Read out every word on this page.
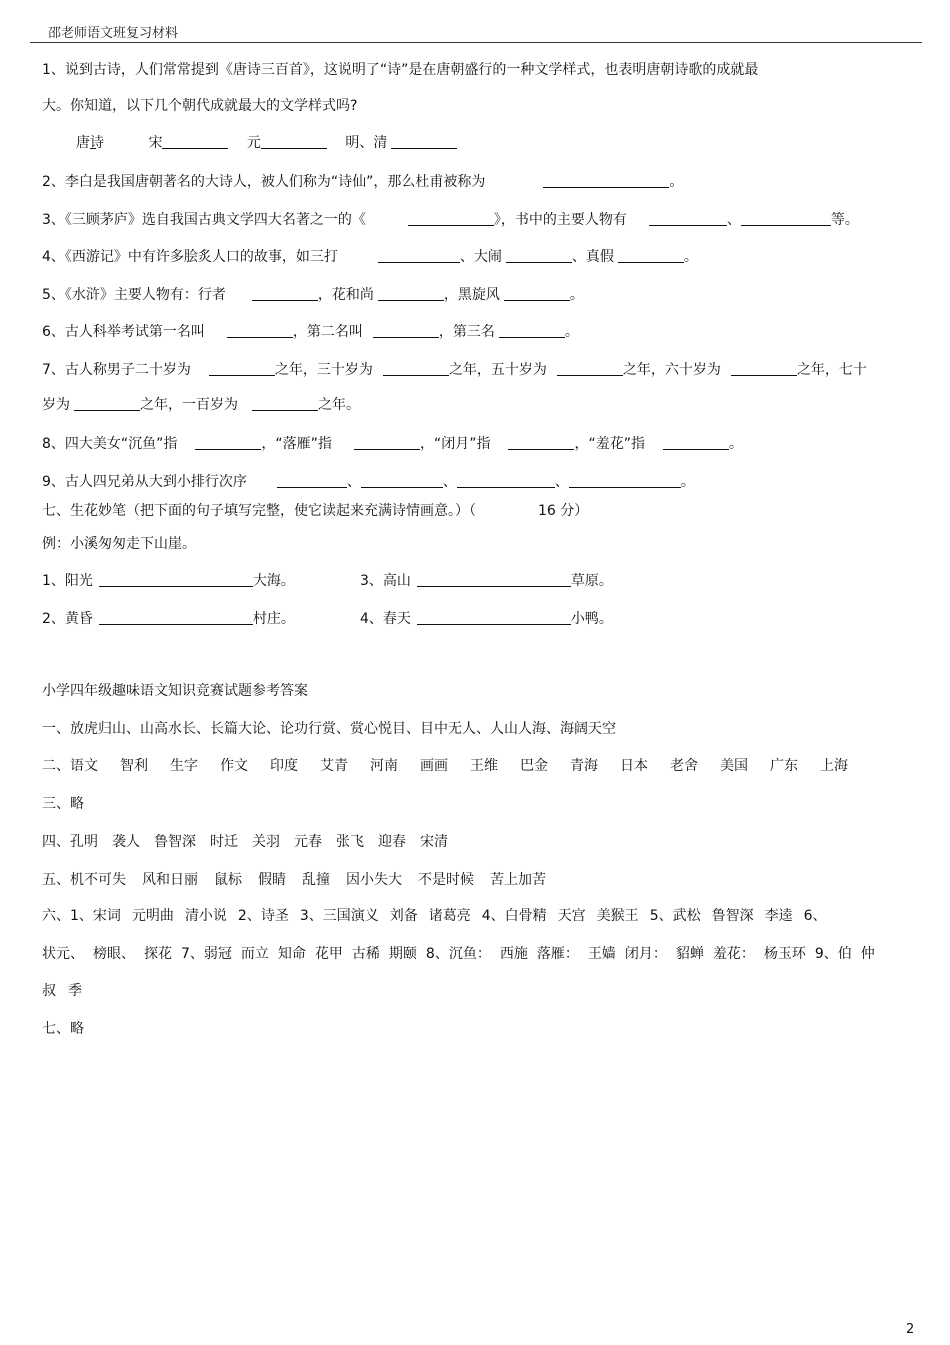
邵老师语文班复习材料
1、说到古诗，人们常常提到《唐诗三百首》，这说明了“诗”是在唐朝盛行的一种文学样式，也表明唐朝诗歌的成就最
大。你知道，以下几个朝代成就最大的文学样式吗?
唐诗	宋	元	明、清
2、李白是我国唐朝著名的大诗人，被人们称为“诗仙”，那么杜甫被称为	。
3、《三顾茅庐》选自我国古典文学四大名著之一的《	》，书中的主要人物有	、	等。
4、《西游记》中有许多脍炙人口的故事，如三打	、大闹	、真假	。
5、《水浒》主要人物有：行者	，花和尚	，黑旋风	。
6、古人科举考试第一名叫	，第二名叫	，第三名	。
7、古人称男子二十岁为	之年，三十岁为	之年，五十岁为	之年，六十岁为	之年，七十
岁为	之年，一百岁为	之年。
8、四大美女“沉鱼”指	，“落雁”指	，“闭月”指	，“羞花”指	。
9、古人四兄弟从大到小排行次序	、	、	、	。
七、生花妙笔（把下面的句子填写完整，使它读起来充满诗情画意。）（	16 分）
例：小溪匆匆走下山崖。
1、阳光	大海。	3、高山	草原。
2、黄昏	村庄。	4、春天	小鸭。
小学四年级趣味语文知识竞赛试题参考答案
一、放虎归山、山高水长、长篇大论、论功行赏、赏心悦目、目中无人、人山人海、海阔天空
二、语文 智利 生字 作文 印度 艾青 河南 画画 王维 巴金 青海 日本 老舍 美国 广东 上海
三、略
四、孔明 袭人 鲁智深 时迁 关羽 元春 张飞 迎春 宋清
五、机不可失 风和日丽 鼠标 假睛 乱撞 因小失大 不是时候 苦上加苦
六、1、宋词 元明曲 清小说 2、诗圣 3、三国演义 刘备 诸葛亮 4、白骨精 天宫 美猴王 5、武松 鲁智深 李逵 6、
状元、 榜眼、 探花 7、弱冠 而立 知命 花甲 古稀 期颐 8、沉鱼： 西施 落雁： 王嫱 闭月： 貂蝉 羞花： 杨玉环 9、伯 仲
叔 季
七、略
2
